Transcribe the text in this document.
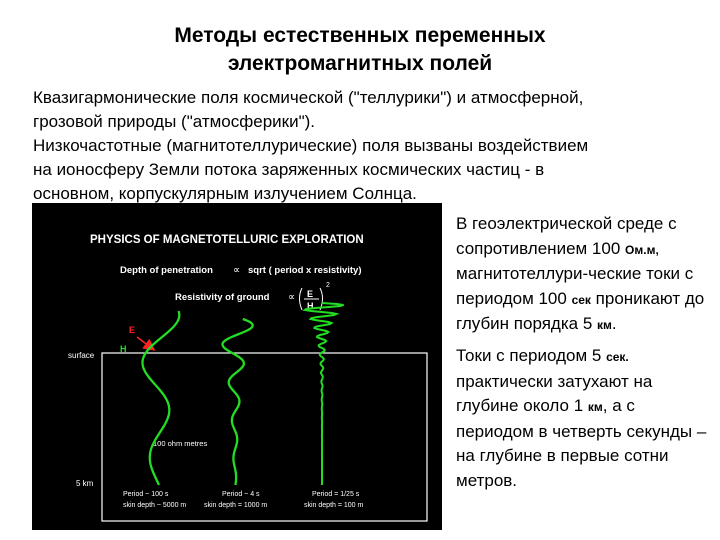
Методы естественных переменных
электромагнитных полей
Квазигармонические поля космической ("теллурики") и атмосферной,
грозовой природы ("атмосферики").
Низкочастотные (магнитотеллурические) поля вызваны воздействием
на ионосферу Земли потока заряженных космических частиц - в
основном, корпускулярным излучением Солнца.

В геоэлектрической среде с сопротивлением 100 Ом.м, магнитотеллури-ческие токи с периодом 100 сек проникают до глубин порядка 5 км.

Токи с периодом 5 сек. практически затухают на глубине около 1 км, а с периодом в четверть секунды – на глубине в первые сотни метров.

PHYSICS OF MAGNETOTELLURIC EXPLORATION
Depth of penetration ∝ sqrt ( period x resistivity)
Resistivity of ground ∝ E
H
2
E
H
surface
5 km
100 ohm metres
Period ~ 100 s
skin depth ~ 5000 m
Period ~ 4 s
skin depth = 1000 m
Period = 1/25 s
skin depth = 100 m
